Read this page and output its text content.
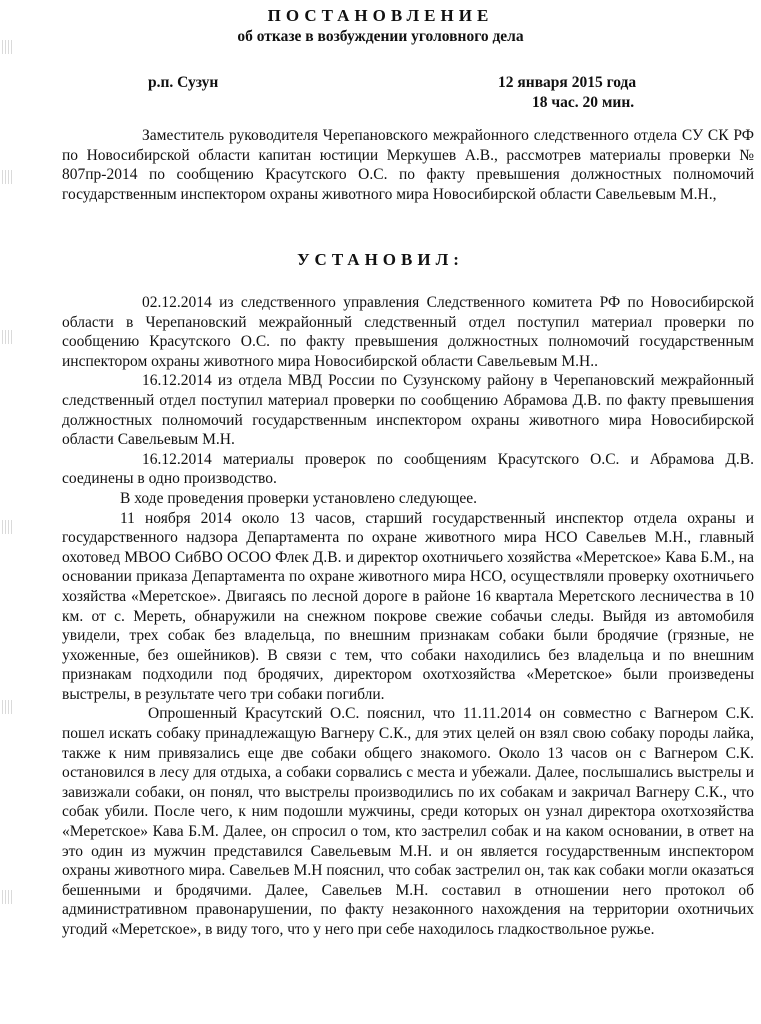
ПОСТАНОВЛЕНИЕ
об отказе в возбуждении уголовного дела
р.п. Сузун	12 января 2015 года
18 час. 20 мин.

Заместитель руководителя Черепановского межрайонного следственного отдела СУ СК РФ по Новосибирской области капитан юстиции Меркушев А.В., рассмотрев материалы проверки № 807пр-2014 по сообщению Красутского О.С. по факту превышения должностных полномочий государственным инспектором охраны животного мира Новосибирской области Савельевым М.Н.,

УСТАНОВИЛ:

02.12.2014 из следственного управления Следственного комитета РФ по Новосибирской области в Черепановский межрайонный следственный отдел поступил материал проверки по сообщению Красутского О.С. по факту превышения должностных полномочий государственным инспектором охраны животного мира Новосибирской области Савельевым М.Н..

16.12.2014 из отдела МВД России по Сузунскому району в Черепановский межрайонный следственный отдел поступил материал проверки по сообщению Абрамова Д.В. по факту превышения должностных полномочий государственным инспектором охраны животного мира Новосибирской области Савельевым М.Н.

16.12.2014 материалы проверок по сообщениям Красутского О.С. и Абрамова Д.В. соединены в одно производство.

В ходе проведения проверки установлено следующее.

11 ноября 2014 около 13 часов, старший государственный инспектор отдела охраны и государственного надзора Департамента по охране животного мира НСО Савельев М.Н., главный охотовед МВОО СибВО ОСОО Флек Д.В. и директор охотничьего хозяйства «Меретское» Кава Б.М., на основании приказа Департамента по охране животного мира НСО, осуществляли проверку охотничьего хозяйства «Меретское». Двигаясь по лесной дороге в районе 16 квартала Меретского лесничества в 10 км. от с. Мереть, обнаружили на снежном покрове свежие собачьи следы. Выйдя из автомобиля увидели, трех собак без владельца, по внешним признакам собаки были бродячие (грязные, не ухоженные, без ошейников). В связи с тем, что собаки находились без владельца и по внешним признакам подходили под бродячих, директором охотхозяйства «Меретское» были произведены выстрелы, в результате чего три собаки погибли.

Опрошенный Красутский О.С. пояснил, что 11.11.2014 он совместно с Вагнером С.К. пошел искать собаку принадлежащую Вагнеру С.К., для этих целей он взял свою собаку породы лайка, также к ним привязались еще две собаки общего знакомого. Около 13 часов он с Вагнером С.К. остановился в лесу для отдыха, а собаки сорвались с места и убежали. Далее, послышались выстрелы и завизжали собаки, он понял, что выстрелы производились по их собакам и закричал Вагнеру С.К., что собак убили. После чего, к ним подошли мужчины, среди которых он узнал директора охотхозяйства «Меретское» Кава Б.М. Далее, он спросил о том, кто застрелил собак и на каком основании, в ответ на это один из мужчин представился Савельевым М.Н. и он является государственным инспектором охраны животного мира. Савельев М.Н пояснил, что собак застрелил он, так как собаки могли оказаться бешенными и бродячими. Далее, Савельев М.Н. составил в отношении него протокол об административном правонарушении, по факту незаконного нахождения на территории охотничьих угодий «Меретское», в виду того, что у него при себе находилось гладкоствольное ружье.
